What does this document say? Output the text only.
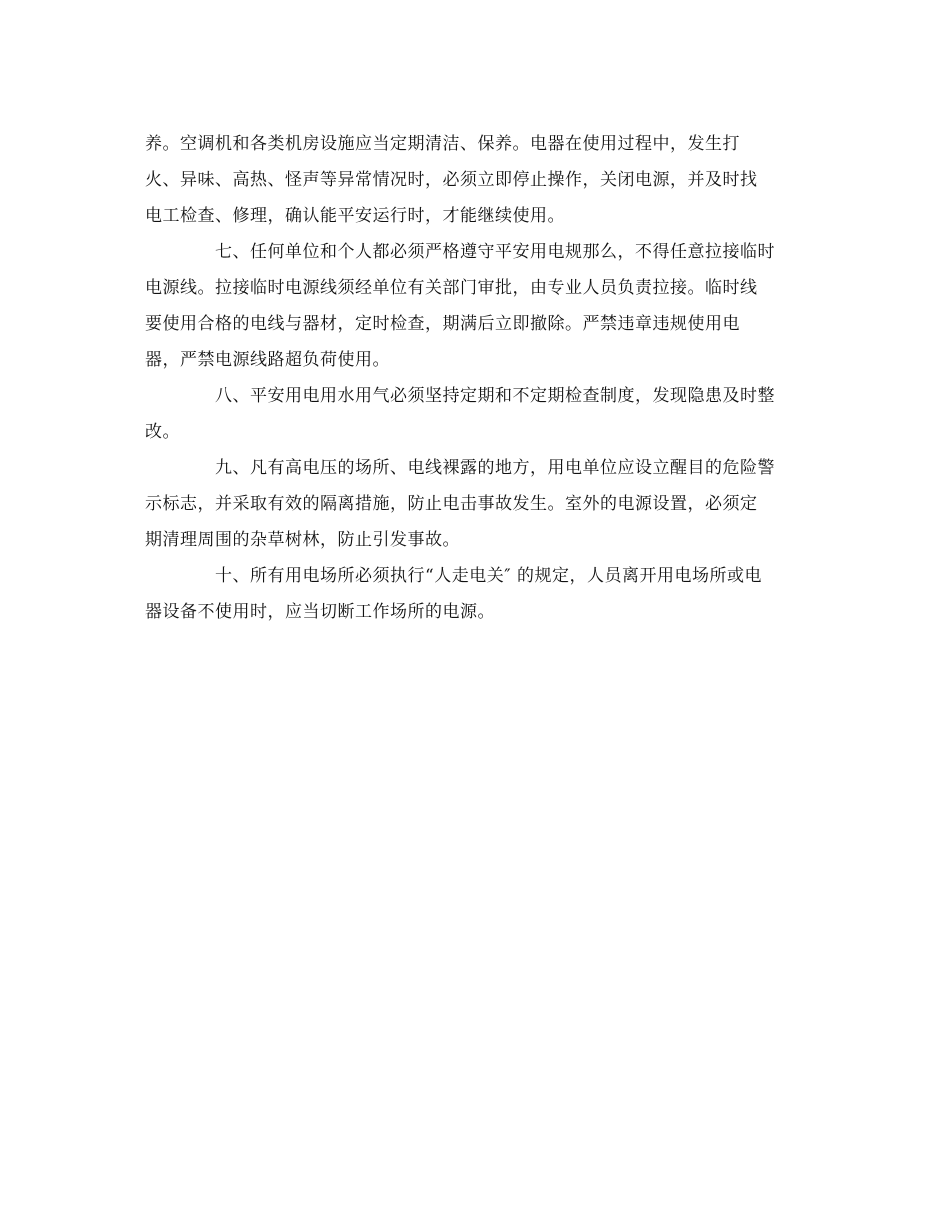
养。空调机和各类机房设施应当定期清洁、保养。电器在使用过程中，发生打
火、异味、高热、怪声等异常情况时，必须立即停止操作，关闭电源，并及时找
电工检查、修理，确认能平安运行时，才能继续使用。
七、任何单位和个人都必须严格遵守平安用电规那么，不得任意拉接临时
电源线。拉接临时电源线须经单位有关部门审批，由专业人员负责拉接。临时线
要使用合格的电线与器材，定时检查，期满后立即撤除。严禁违章违规使用电
器，严禁电源线路超负荷使用。
八、平安用电用水用气必须坚持定期和不定期检查制度，发现隐患及时整
改。
九、凡有高电压的场所、电线裸露的地方，用电单位应设立醒目的危险警
示标志，并采取有效的隔离措施，防止电击事故发生。室外的电源设置，必须定
期清理周围的杂草树林，防止引发事故。
十、所有用电场所必须执行“人走电关″ 的规定，人员离开用电场所或电
器设备不使用时，应当切断工作场所的电源。
